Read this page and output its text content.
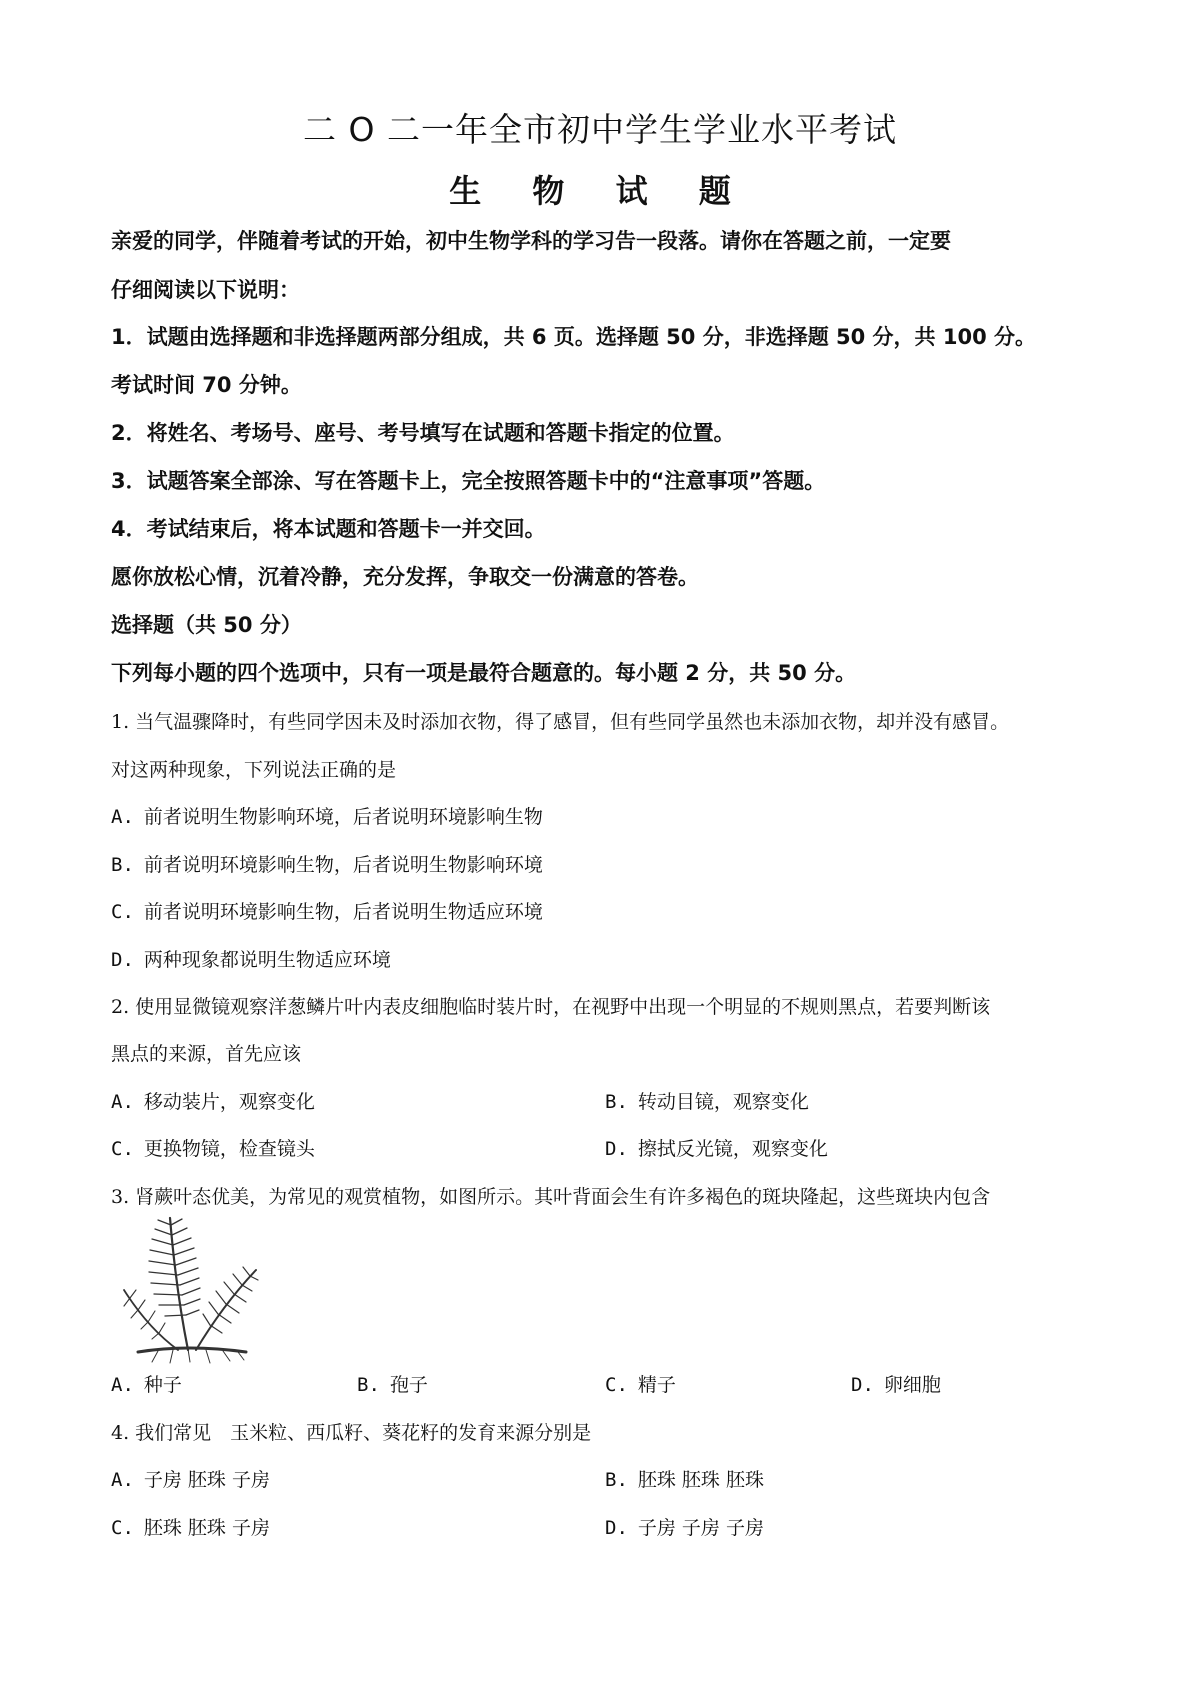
二 O 二一年全市初中学生学业水平考试
生 物 试 题

亲爱的同学，伴随着考试的开始，初中生物学科的学习告一段落。请你在答题之前，一定要

仔细阅读以下说明：

1．试题由选择题和非选择题两部分组成，共 6 页。选择题 50 分，非选择题 50 分，共 100 分。

考试时间 70 分钟。

2．将姓名、考场号、座号、考号填写在试题和答题卡指定的位置。

3．试题答案全部涂、写在答题卡上，完全按照答题卡中的“注意事项”答题。

4．考试结束后，将本试题和答题卡一并交回。

愿你放松心情，沉着冷静，充分发挥，争取交一份满意的答卷。

选择题（共 50 分）

下列每小题的四个选项中，只有一项是最符合题意的。每小题 2 分，共 50 分。

1. 当气温骤降时，有些同学因未及时添加衣物，得了感冒，但有些同学虽然也未添加衣物，却并没有感冒。

对这两种现象，下列说法正确的是

A. 前者说明生物影响环境，后者说明环境影响生物

B. 前者说明环境影响生物，后者说明生物影响环境

C. 前者说明环境影响生物，后者说明生物适应环境

D. 两种现象都说明生物适应环境

2. 使用显微镜观察洋葱鳞片叶内表皮细胞临时装片时，在视野中出现一个明显的不规则黑点，若要判断该

黑点的来源，首先应该

A. 移动装片，观察变化	B. 转动目镜，观察变化

C. 更换物镜，检查镜头	D. 擦拭反光镜，观察变化

3. 肾蕨叶态优美，为常见的观赏植物，如图所示。其叶背面会生有许多褐色的斑块隆起，这些斑块内包含

A. 种子	B. 孢子	C. 精子	D. 卵细胞

4. 我们常见　玉米粒、西瓜籽、葵花籽的发育来源分别是

A. 子房 胚珠 子房	B. 胚珠 胚珠 胚珠

C. 胚珠 胚珠 子房	D. 子房 子房 子房
